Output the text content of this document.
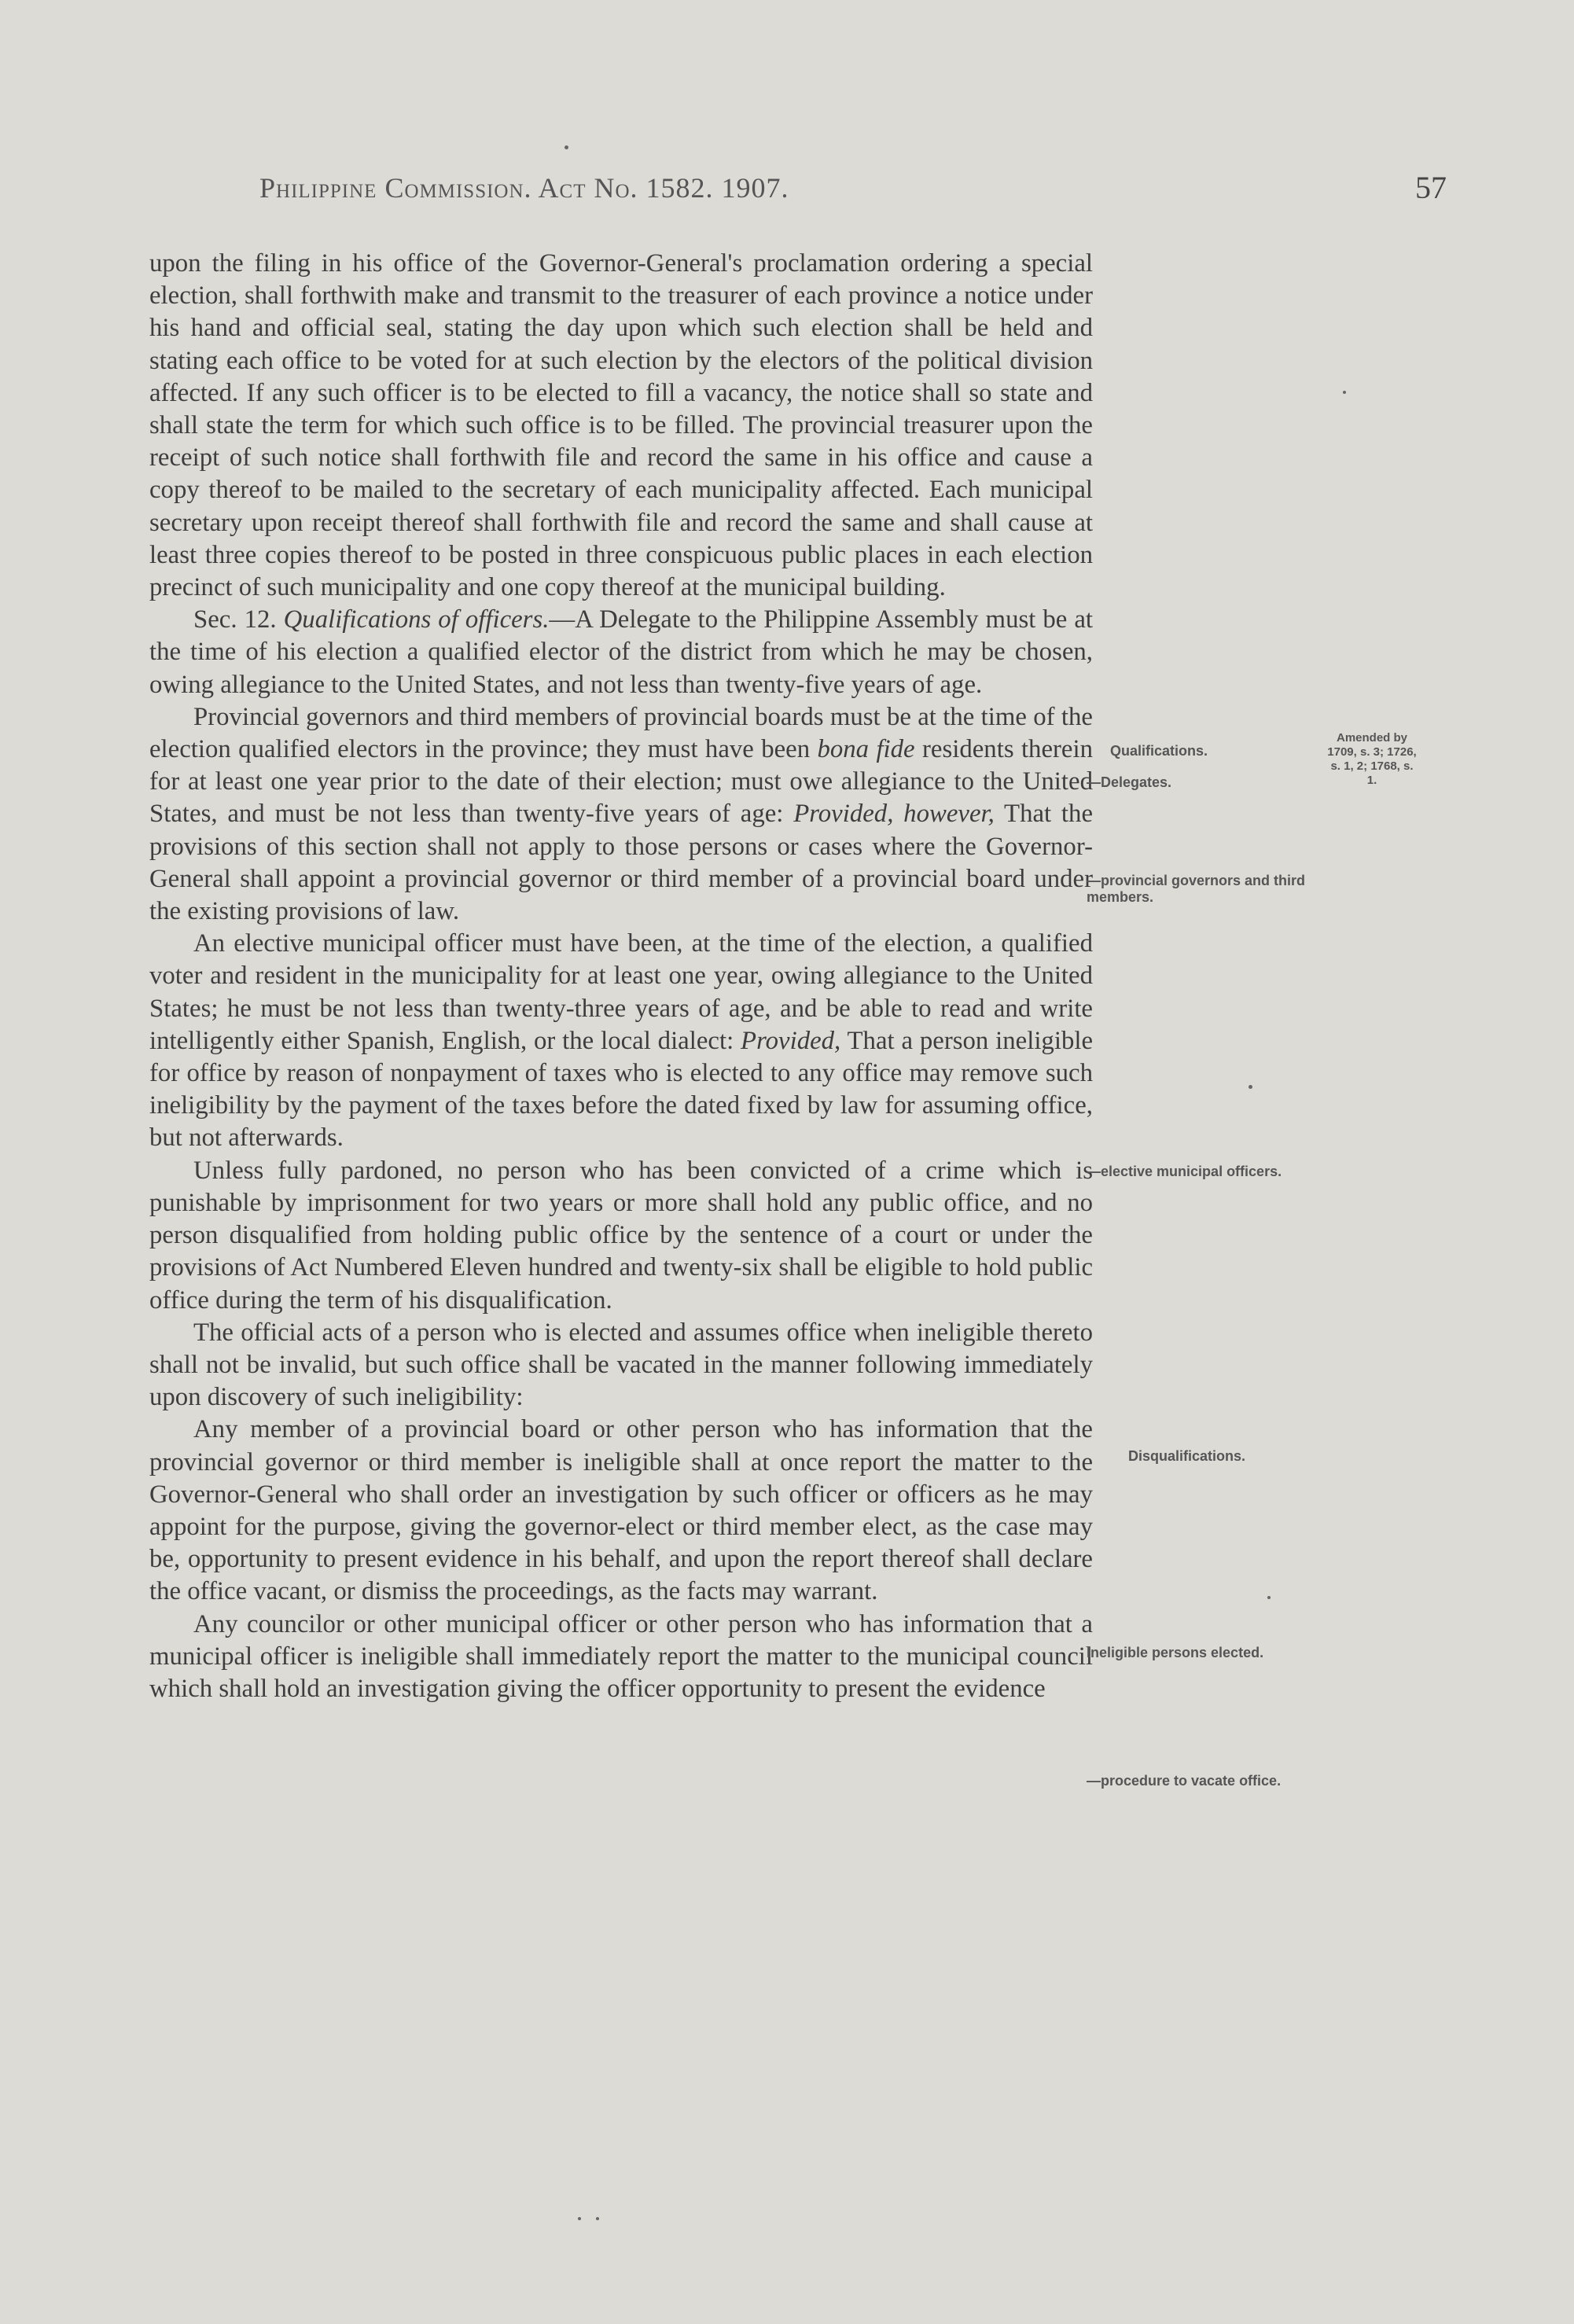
Philippine Commission. Act No. 1582. 1907.	57

upon the filing in his office of the Governor-General's proclamation ordering a special election, shall forthwith make and transmit to the treasurer of each province a notice under his hand and official seal, stating the day upon which such election shall be held and stating each office to be voted for at such election by the electors of the political division affected. If any such officer is to be elected to fill a vacancy, the notice shall so state and shall state the term for which such office is to be filled. The provincial treasurer upon the receipt of such notice shall forthwith file and record the same in his office and cause a copy thereof to be mailed to the secretary of each municipality affected. Each municipal secretary upon receipt thereof shall forthwith file and record the same and shall cause at least three copies thereof to be posted in three conspicuous public places in each election precinct of such municipality and one copy thereof at the municipal building.

Sec. 12. Qualifications of officers.—A Delegate to the Philippine Assembly must be at the time of his election a qualified elector of the district from which he may be chosen, owing allegiance to the United States, and not less than twenty-five years of age.

Provincial governors and third members of provincial boards must be at the time of the election qualified electors in the province; they must have been bona fide residents therein for at least one year prior to the date of their election; must owe allegiance to the United States, and must be not less than twenty-five years of age: Provided, however, That the provisions of this section shall not apply to those persons or cases where the Governor-General shall appoint a provincial governor or third member of a provincial board under the existing provisions of law.

An elective municipal officer must have been, at the time of the election, a qualified voter and resident in the municipality for at least one year, owing allegiance to the United States; he must be not less than twenty-three years of age, and be able to read and write intelligently either Spanish, English, or the local dialect: Provided, That a person ineligible for office by reason of nonpayment of taxes who is elected to any office may remove such ineligibility by the payment of the taxes before the dated fixed by law for assuming office, but not afterwards.

Unless fully pardoned, no person who has been convicted of a crime which is punishable by imprisonment for two years or more shall hold any public office, and no person disqualified from holding public office by the sentence of a court or under the provisions of Act Numbered Eleven hundred and twenty-six shall be eligible to hold public office during the term of his disqualification.

The official acts of a person who is elected and assumes office when ineligible thereto shall not be invalid, but such office shall be vacated in the manner following immediately upon discovery of such ineligibility:

Any member of a provincial board or other person who has information that the provincial governor or third member is ineligible shall at once report the matter to the Governor-General who shall order an investigation by such officer or officers as he may appoint for the purpose, giving the governor-elect or third member elect, as the case may be, opportunity to present evidence in his behalf, and upon the report thereof shall declare the office vacant, or dismiss the proceedings, as the facts may warrant.

Any councilor or other municipal officer or other person who has information that a municipal officer is ineligible shall immediately report the matter to the municipal council which shall hold an investigation giving the officer opportunity to present the evidence

Qualifications.
—Delegates.
—provincial governors and third members.
—elective municipal officers.
Disqualifications.
Ineligible persons elected.
—procedure to vacate office.
Amended by 1709, s. 3; 1726, s. 1, 2; 1768, s. 1.
